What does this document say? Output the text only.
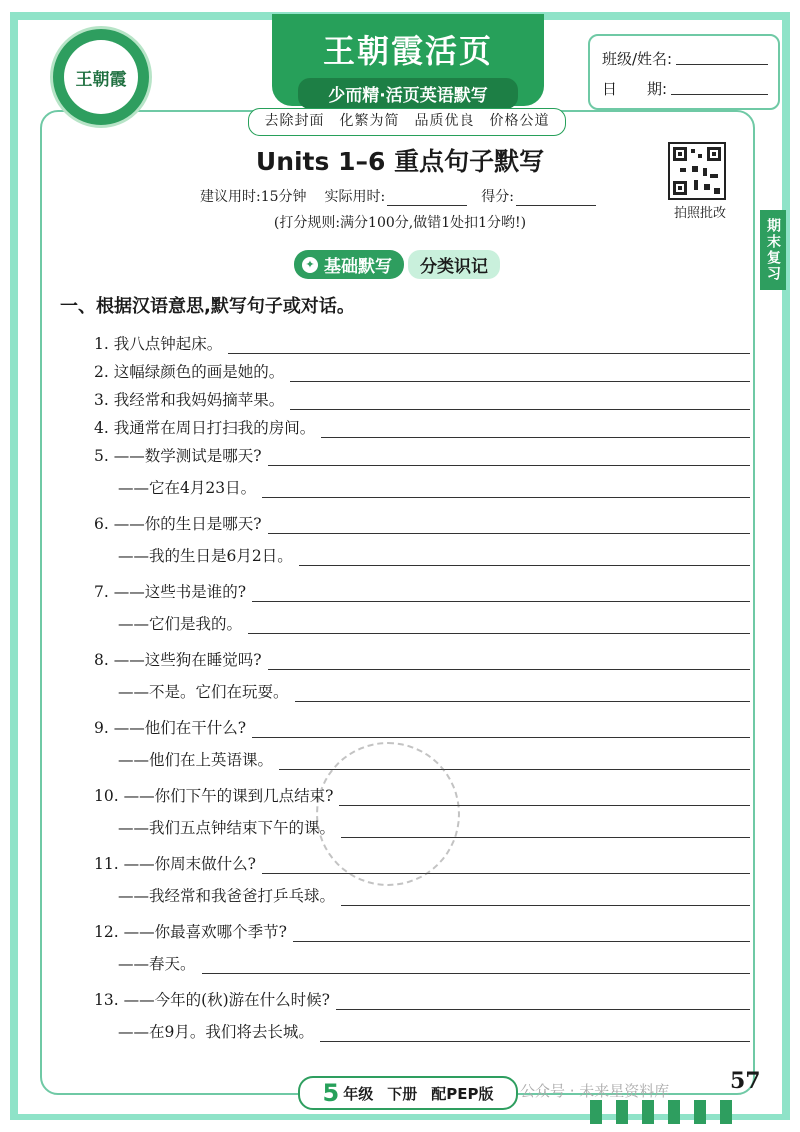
王朝霞
王朝霞活页
少而精·活页英语默写
去除封面　化繁为简　品质优良　价格公道
班级/姓名:
日　　期:
Units 1–6 重点句子默写
建议用时:15分钟 实际用时:	得分:
(打分规则:满分100分,做错1处扣1分哟!)
拍照批改
期末复习
✦ 基础默写	分类识记
一、根据汉语意思,默写句子或对话。
1. 我八点钟起床。
2. 这幅绿颜色的画是她的。
3. 我经常和我妈妈摘苹果。
4. 我通常在周日打扫我的房间。
5. ——数学测试是哪天?
——它在4月23日。
6. ——你的生日是哪天?
——我的生日是6月2日。
7. ——这些书是谁的?
——它们是我的。
8. ——这些狗在睡觉吗?
——不是。它们在玩耍。
9. ——他们在干什么?
——他们在上英语课。
10. ——你们下午的课到几点结束?
——我们五点钟结束下午的课。
11. ——你周末做什么?
——我经常和我爸爸打乒乓球。
12. ——你最喜欢哪个季节?
——春天。
13. ——今年的(秋)游在什么时候?
——在9月。我们将去长城。
5 年级 下册 配PEP版 公众号 · 未来星资料库	57
